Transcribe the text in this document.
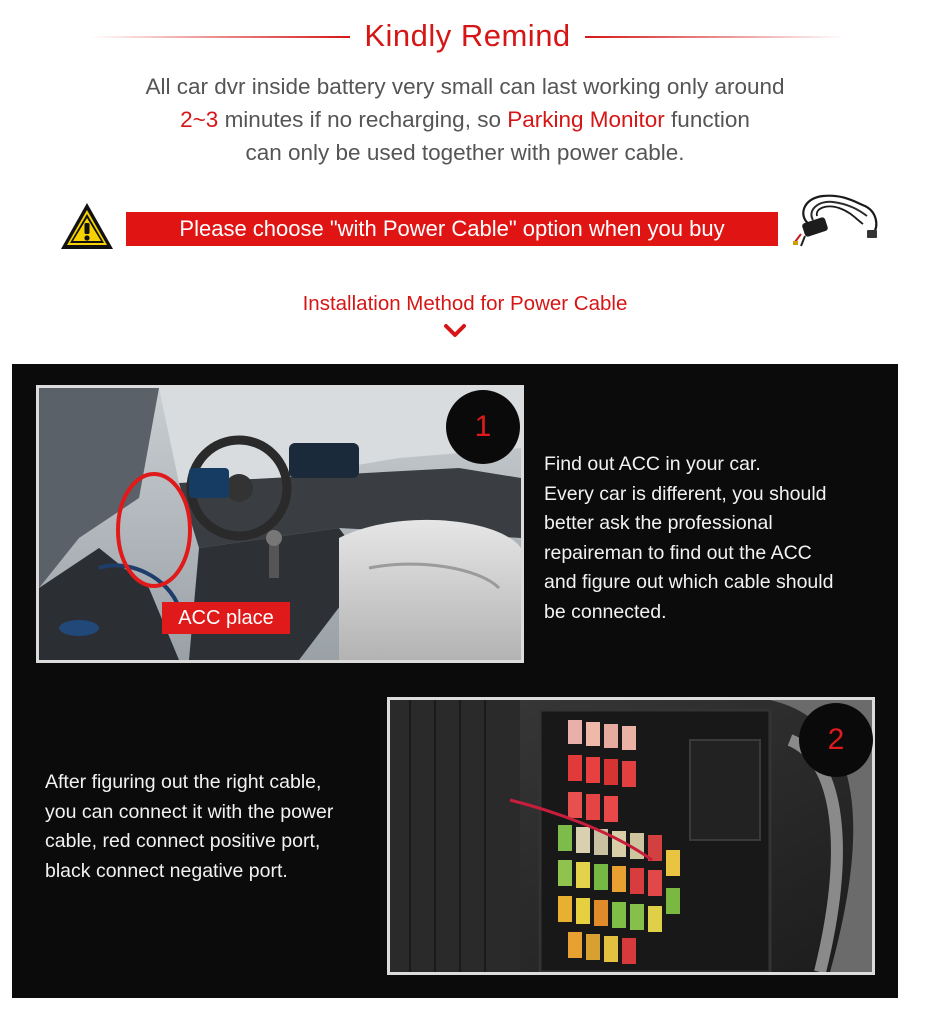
Kindly Remind
All car dvr inside battery very small can last working only around
2~3 minutes if no recharging, so Parking Monitor function
can only be used together with power cable.
Please choose "with Power Cable" option when you buy
Installation Method for Power Cable
ACC place
1
Find out ACC in your car.
Every car is different, you should
better ask the professional
repaireman to find out the ACC
and figure out which cable should
be connected.
After figuring out the right cable,
you can connect it with the power
cable, red connect positive port,
black connect negative port.
2
